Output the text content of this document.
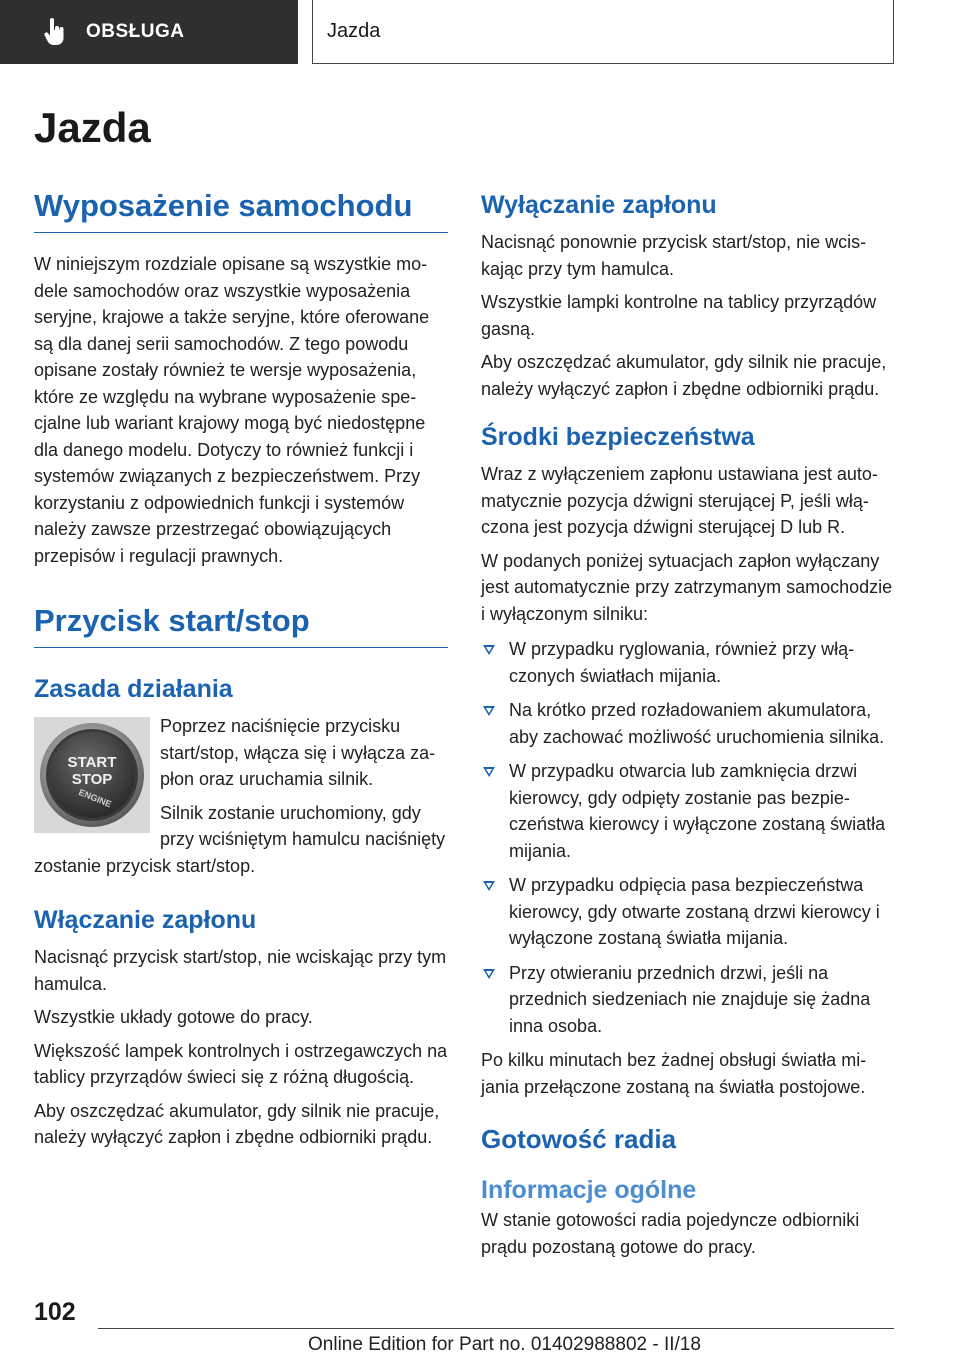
OBSŁUGA	Jazda
Jazda
Wyposażenie samochodu

W niniejszym rozdziale opisane są wszystkie modele samochodów oraz wszystkie wyposażenia seryjne, krajowe a także seryjne, które oferowane są dla danej serii samochodów. Z tego powodu opisane zostały również te wersje wyposażenia, które ze względu na wybrane wyposażenie specjalne lub wariant krajowy mogą być niedostępne dla danego modelu. Dotyczy to również funkcji i systemów związanych z bezpieczeństwem. Przy korzystaniu z odpowiednich funkcji i systemów należy zawsze przestrzegać obowiązujących przepisów i regulacji prawnych.

Przycisk start/stop
Zasada działania
START
STOP
ENGINE

Poprzez naciśnięcie przycisku start/stop, włącza się i wyłącza zapłon oraz uruchamia silnik.

Silnik zostanie uruchomiony, gdy przy wciśniętym hamulcu naciśnięty zostanie przycisk start/stop.

Włączanie zapłonu

Nacisnąć przycisk start/stop, nie wciskając przy tym hamulca.

Wszystkie układy gotowe do pracy.

Większość lampek kontrolnych i ostrzegawczych na tablicy przyrządów świeci się z różną długością.

Aby oszczędzać akumulator, gdy silnik nie pracuje, należy wyłączyć zapłon i zbędne odbiorniki prądu.

Wyłączanie zapłonu

Nacisnąć ponownie przycisk start/stop, nie wciskając przy tym hamulca.

Wszystkie lampki kontrolne na tablicy przyrządów gasną.

Aby oszczędzać akumulator, gdy silnik nie pracuje, należy wyłączyć zapłon i zbędne odbiorniki prądu.

Środki bezpieczeństwa

Wraz z wyłączeniem zapłonu ustawiana jest automatycznie pozycja dźwigni sterującej P, jeśli włączona jest pozycja dźwigni sterującej D lub R.

W podanych poniżej sytuacjach zapłon wyłączany jest automatycznie przy zatrzymanym samochodzie i wyłączonym silniku:

W przypadku ryglowania, również przy włączonych światłach mijania.
Na krótko przed rozładowaniem akumulatora, aby zachować możliwość uruchomienia silnika.
W przypadku otwarcia lub zamknięcia drzwi kierowcy, gdy odpięty zostanie pas bezpieczeństwa kierowcy i wyłączone zostaną światła mijania.
W przypadku odpięcia pasa bezpieczeństwa kierowcy, gdy otwarte zostaną drzwi kierowcy i wyłączone zostaną światła mijania.
Przy otwieraniu przednich drzwi, jeśli na przednich siedzeniach nie znajduje się żadna inna osoba.

Po kilku minutach bez żadnej obsługi światła mijania przełączone zostaną na światła postojowe.

Gotowość radia
Informacje ogólne

W stanie gotowości radia pojedyncze odbiorniki prądu pozostaną gotowe do pracy.

102
Online Edition for Part no. 01402988802 - II/18
